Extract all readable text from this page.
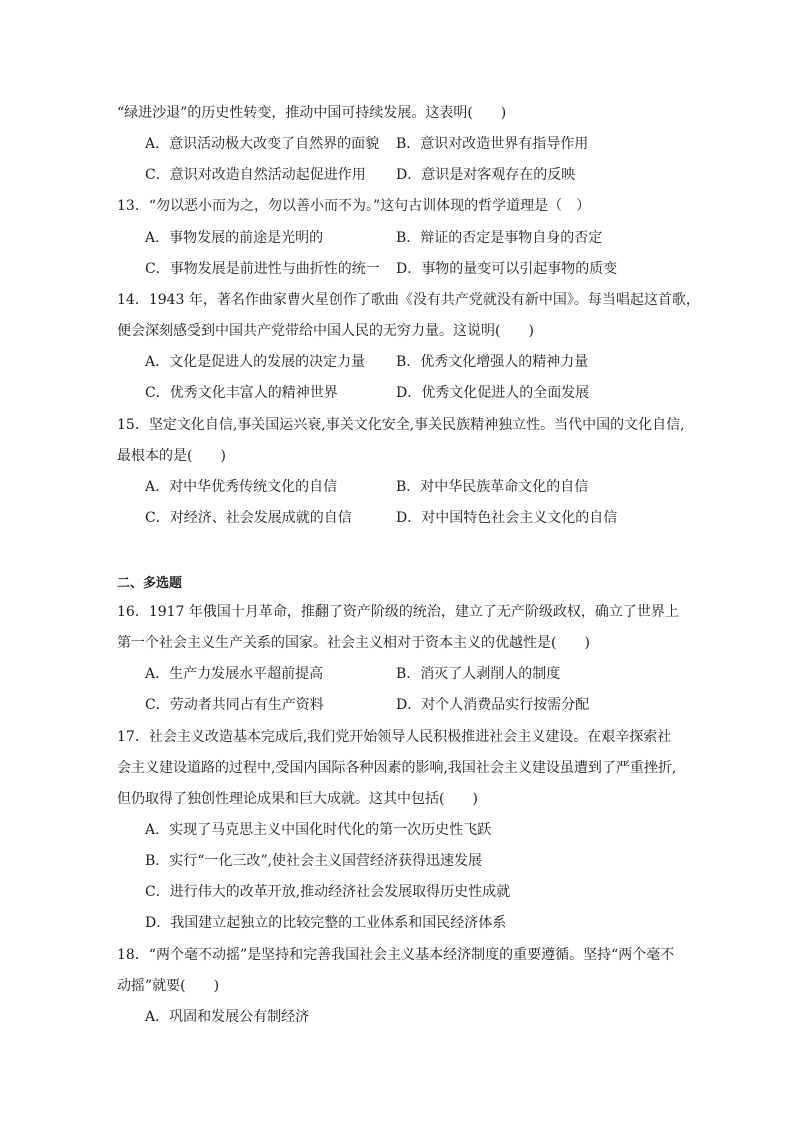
“绿进沙退”的历史性转变，推动中国可持续发展。这表明(　　)
A．意识活动极大改变了自然界的面貌 B．意识对改造世界有指导作用
C．意识对改造自然活动起促进作用 D．意识是对客观存在的反映
13．“勿以恶小而为之，勿以善小而不为。”这句古训体现的哲学道理是（　）
A．事物发展的前途是光明的	B．辩证的否定是事物自身的否定
C．事物发展是前进性与曲折性的统一 D．事物的量变可以引起事物的质变
14．1943 年，著名作曲家曹火星创作了歌曲《没有共产党就没有新中国》。每当唱起这首歌，
便会深刻感受到中国共产党带给中国人民的无穷力量。这说明(　　)
A．文化是促进人的发展的决定力量 B．优秀文化增强人的精神力量
C．优秀文化丰富人的精神世界	D．优秀文化促进人的全面发展
15．坚定文化自信,事关国运兴衰,事关文化安全,事关民族精神独立性。当代中国的文化自信,
最根本的是(　　)
A．对中华优秀传统文化的自信	B．对中华民族革命文化的自信
C．对经济、社会发展成就的自信	D．对中国特色社会主义文化的自信
二、多选题
16．1917 年俄国十月革命，推翻了资产阶级的统治，建立了无产阶级政权，确立了世界上
第一个社会主义生产关系的国家。社会主义相对于资本主义的优越性是(　　)
A．生产力发展水平超前提高	B．消灭了人剥削人的制度
C．劳动者共同占有生产资料	D．对个人消费品实行按需分配
17．社会主义改造基本完成后,我们党开始领导人民积极推进社会主义建设。在艰辛探索社
会主义建设道路的过程中,受国内国际各种因素的影响,我国社会主义建设虽遭到了严重挫折,
但仍取得了独创性理论成果和巨大成就。这其中包括(　　)
A．实现了马克思主义中国化时代化的第一次历史性飞跃
B．实行“一化三改”,使社会主义国营经济获得迅速发展
C．进行伟大的改革开放,推动经济社会发展取得历史性成就
D．我国建立起独立的比较完整的工业体系和国民经济体系
18．“两个毫不动摇”是坚持和完善我国社会主义基本经济制度的重要遵循。坚持“两个毫不
动摇”就要(　　)
A．巩固和发展公有制经济
